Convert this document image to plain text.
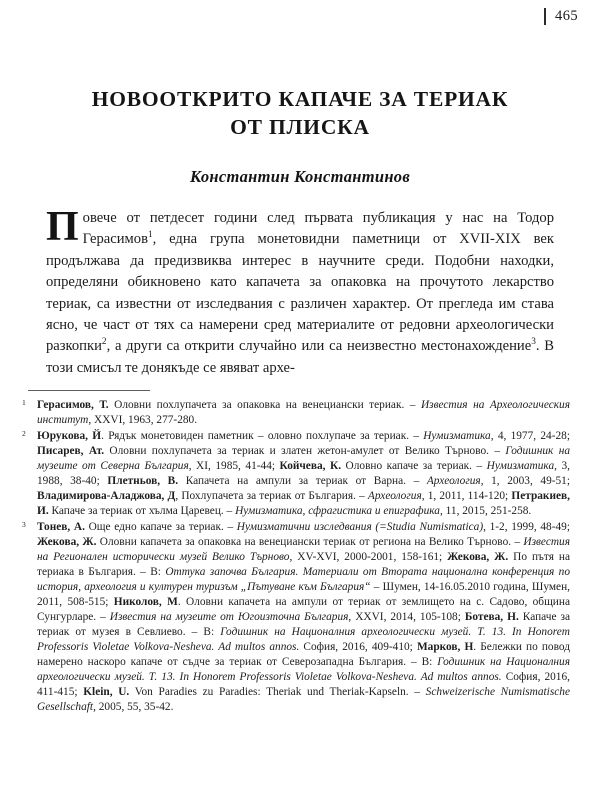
465
НОВООТКРИТО КАПАЧЕ ЗА ТЕРИАК
ОТ ПЛИСКА
Константин Константинов

Повече от петдесет години след първата публикация у нас на Тодор Герасимов$^1$, една група монетовидни паметници от XVII-XIX век продължава да предизвиква интерес в научните среди. Подобни находки, определяни обикновено като капачета за опаковка на прочутото лекарство териак, са известни от изследвания с различен характер. От прегледа им става ясно, че част от тях са намерени сред материалите от редовни археологически разкопки$^2$, а други са открити случайно или са неизвестно местонахождение$^3$. В този смисъл те донякъде се явяват архе-

1 Герасимов, Т. Оловни похлупачета за опаковка на венециански териак. – Известия на Археологическия институт, XXVI, 1963, 277-280.
2 Юрукова, Й. Рядък монетовиден паметник – оловно похлупаче за териак. – Нумизматика, 4, 1977, 24-28; Писарев, Ат. Оловни похлупачета за териак и златен жетон-амулет от Велико Търново. – Годишник на музеите от Северна България, XI, 1985, 41-44; Койчева, К. Оловно капаче за териак. – Нумизматика, 3, 1988, 38-40; Плетньов, В. Капачета на ампули за териак от Варна. – Археология, 1, 2003, 49-51; Владимирова-Аладжова, Д, Похлупачета за териак от България. – Археология, 1, 2011, 114-120; Петракиев, И. Капаче за териак от хълма Царевец. – Нумизматика, сфрагистика и епиграфика, 11, 2015, 251-258.
3 Тонев, А. Още едно капаче за териак. – Нумизматични изследвания (=Studia Numismatica), 1-2, 1999, 48-49; Жекова, Ж. Оловни капачета за опаковка на венециански териак от региона на Велико Търново. – Известия на Регионален исторически музей Велико Търново, XV-XVI, 2000-2001, 158-161; Жекова, Ж. По пътя на териака в България. – В: Оттука започва България. Материали от Втората национална конференция по история, археология и културен туризъм „Пътуване към България“ – Шумен, 14-16.05.2010 година, Шумен, 2011, 508-515; Николов, М. Оловни капачета на ампули от териак от землището на с. Садово, община Сунгурларе. – Известия на музеите от Югоизточна България, XXVI, 2014, 105-108; Ботева, Н. Капаче за териак от музея в Севлиево. – В: Годишник на Националния археологически музей. Т. 13. In Honorem Professoris Violetae Volkova-Nesheva. Ad multos annos. София, 2016, 409-410; Марков, Н. Бележки по повод намерено наскоро капаче от съдче за териак от Северозападна България. – В: Годишник на Националния археологически музей. Т. 13. In Honorem Professoris Violetae Volkova-Nesheva. Ad multos annos. София, 2016, 411-415; Klein, U. Von Paradies zu Paradies: Theriak und Theriak-Kapseln. – Schweizerische Numismatische Gesellschaft, 2005, 55, 35-42.
